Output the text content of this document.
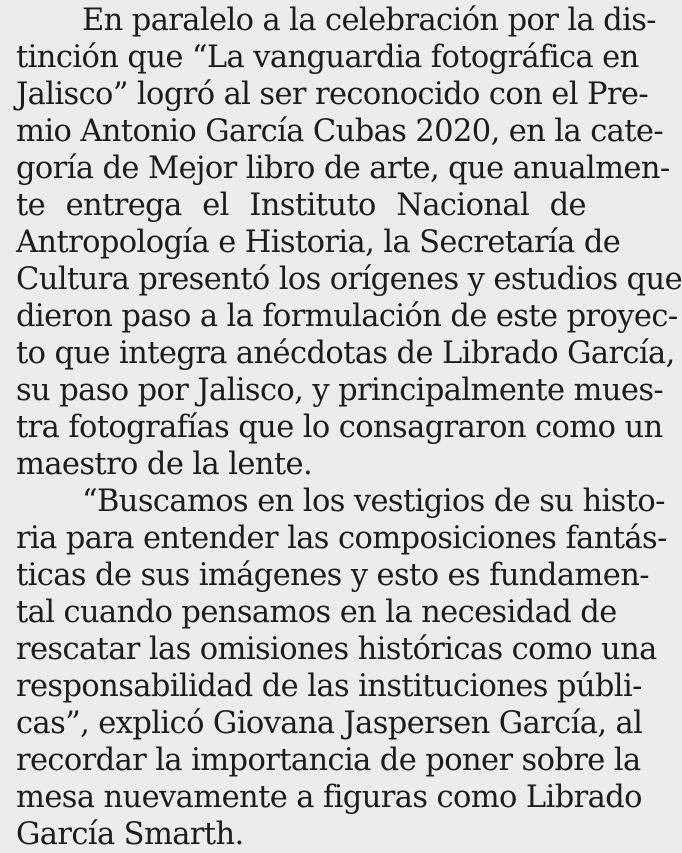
En paralelo a la celebración por la dis-
tinción que “La vanguardia fotográfica en
Jalisco” logró al ser reconocido con el Pre-
mio Antonio García Cubas 2020, en la cate-
goría de Mejor libro de arte, que anualmen-
te entrega el Instituto Nacional de
Antropología e Historia, la Secretaría de
Cultura presentó los orígenes y estudios que
dieron paso a la formulación de este proyec-
to que integra anécdotas de Librado García,
su paso por Jalisco, y principalmente mues-
tra fotografías que lo consagraron como un
maestro de la lente.
“Buscamos en los vestigios de su histo-
ria para entender las composiciones fantás-
ticas de sus imágenes y esto es fundamen-
tal cuando pensamos en la necesidad de
rescatar las omisiones históricas como una
responsabilidad de las instituciones públi-
cas”, explicó Giovana Jaspersen García, al
recordar la importancia de poner sobre la
mesa nuevamente a figuras como Librado
García Smarth.
